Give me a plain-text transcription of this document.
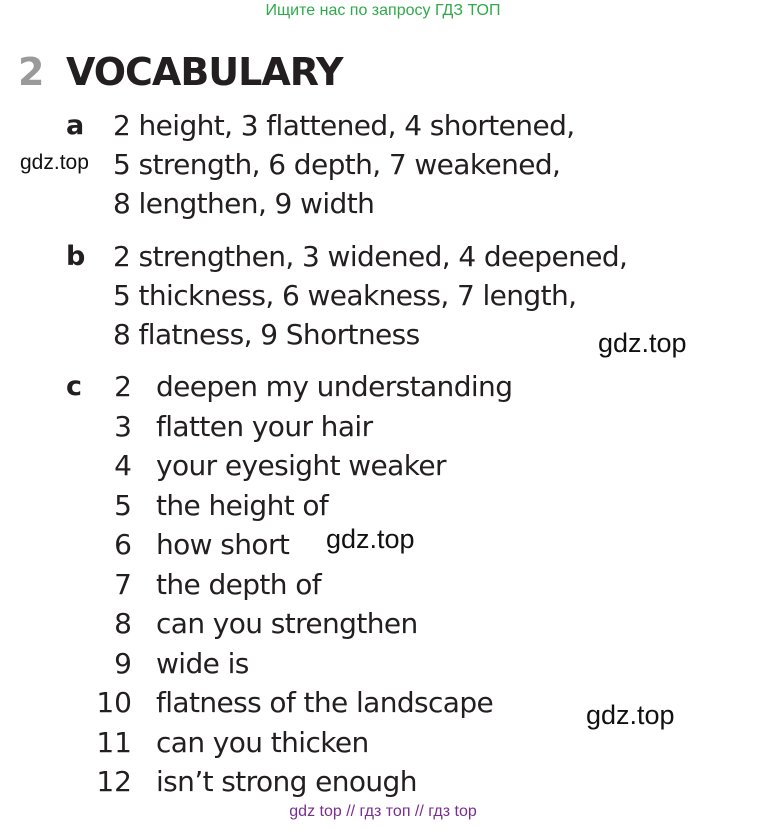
Ищите нас по запросу ГДЗ ТОП
2 VOCABULARY
a 2 height, 3 flattened, 4 shortened,
5 strength, 6 depth, 7 weakened,
8 lengthen, 9 width
b 2 strengthen, 3 widened, 4 deepened,
5 thickness, 6 weakness, 7 length,
8 flatness, 9 Shortness
c	2 deepen my understanding
3 flatten your hair
4 your eyesight weaker
5 the height of
6 how short
7 the depth of
8 can you strengthen
9 wide is
10 flatness of the landscape
11 can you thicken
12 isn’t strong enough
gdz.top
gdz.top
gdz.top
gdz.top
gdz top // гдз топ // гдз top
